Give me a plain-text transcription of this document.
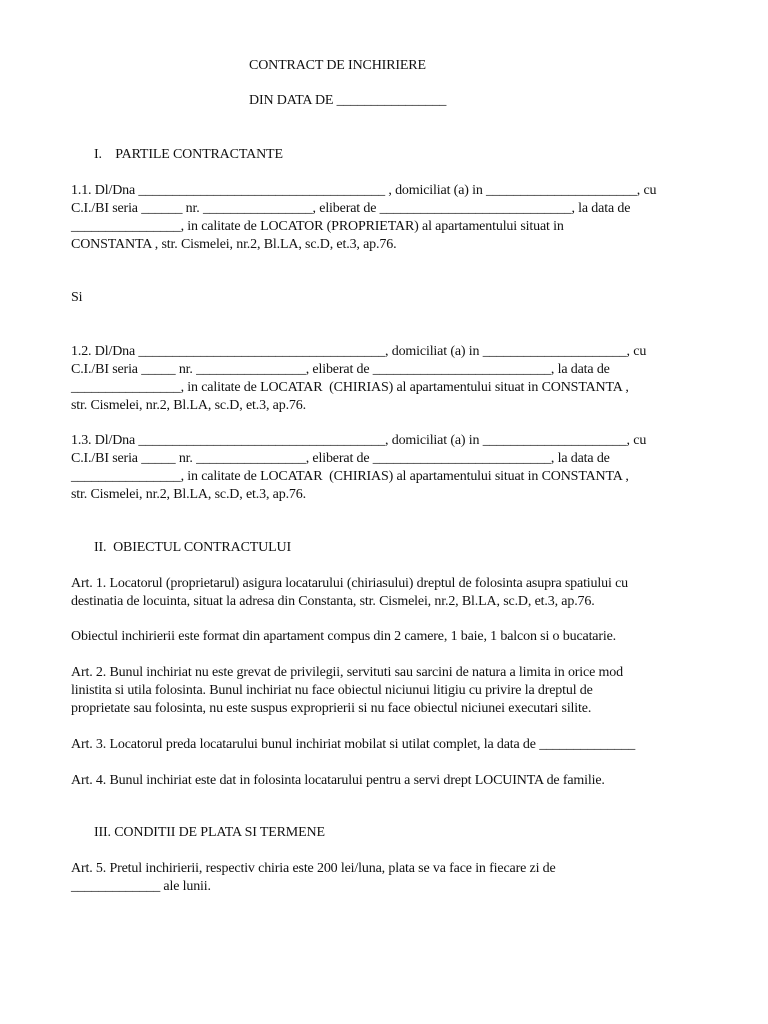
CONTRACT DE INCHIRIERE
DIN DATA DE ________________
I.    PARTILE CONTRACTANTE
1.1. Dl/Dna ____________________________________ , domiciliat (a) in ______________________, cu
C.I./BI seria ______ nr. ________________, eliberat de ____________________________, la data de
________________, in calitate de LOCATOR (PROPRIETAR) al apartamentului situat in
CONSTANTA , str. Cismelei, nr.2, Bl.LA, sc.D, et.3, ap.76.
Si
1.2. Dl/Dna ____________________________________, domiciliat (a) in _____________________, cu
C.I./BI seria _____ nr. ________________, eliberat de __________________________, la data de
________________, in calitate de LOCATAR  (CHIRIAS) al apartamentului situat in CONSTANTA ,
str. Cismelei, nr.2, Bl.LA, sc.D, et.3, ap.76.
1.3. Dl/Dna ____________________________________, domiciliat (a) in _____________________, cu
C.I./BI seria _____ nr. ________________, eliberat de __________________________, la data de
________________, in calitate de LOCATAR  (CHIRIAS) al apartamentului situat in CONSTANTA ,
str. Cismelei, nr.2, Bl.LA, sc.D, et.3, ap.76.
II.  OBIECTUL CONTRACTULUI
Art. 1. Locatorul (proprietarul) asigura locatarului (chiriasului) dreptul de folosinta asupra spatiului cu
destinatia de locuinta, situat la adresa din Constanta, str. Cismelei, nr.2, Bl.LA, sc.D, et.3, ap.76.
Obiectul inchirierii este format din apartament compus din 2 camere, 1 baie, 1 balcon si o bucatarie.
Art. 2. Bunul inchiriat nu este grevat de privilegii, servituti sau sarcini de natura a limita in orice mod
linistita si utila folosinta. Bunul inchiriat nu face obiectul niciunui litigiu cu privire la dreptul de
proprietate sau folosinta, nu este suspus exproprierii si nu face obiectul niciunei executari silite.
Art. 3. Locatorul preda locatarului bunul inchiriat mobilat si utilat complet, la data de ______________
Art. 4. Bunul inchiriat este dat in folosinta locatarului pentru a servi drept LOCUINTA de familie.
III. CONDITII DE PLATA SI TERMENE
Art. 5. Pretul inchirierii, respectiv chiria este 200 lei/luna, plata se va face in fiecare zi de
_____________ ale lunii.
